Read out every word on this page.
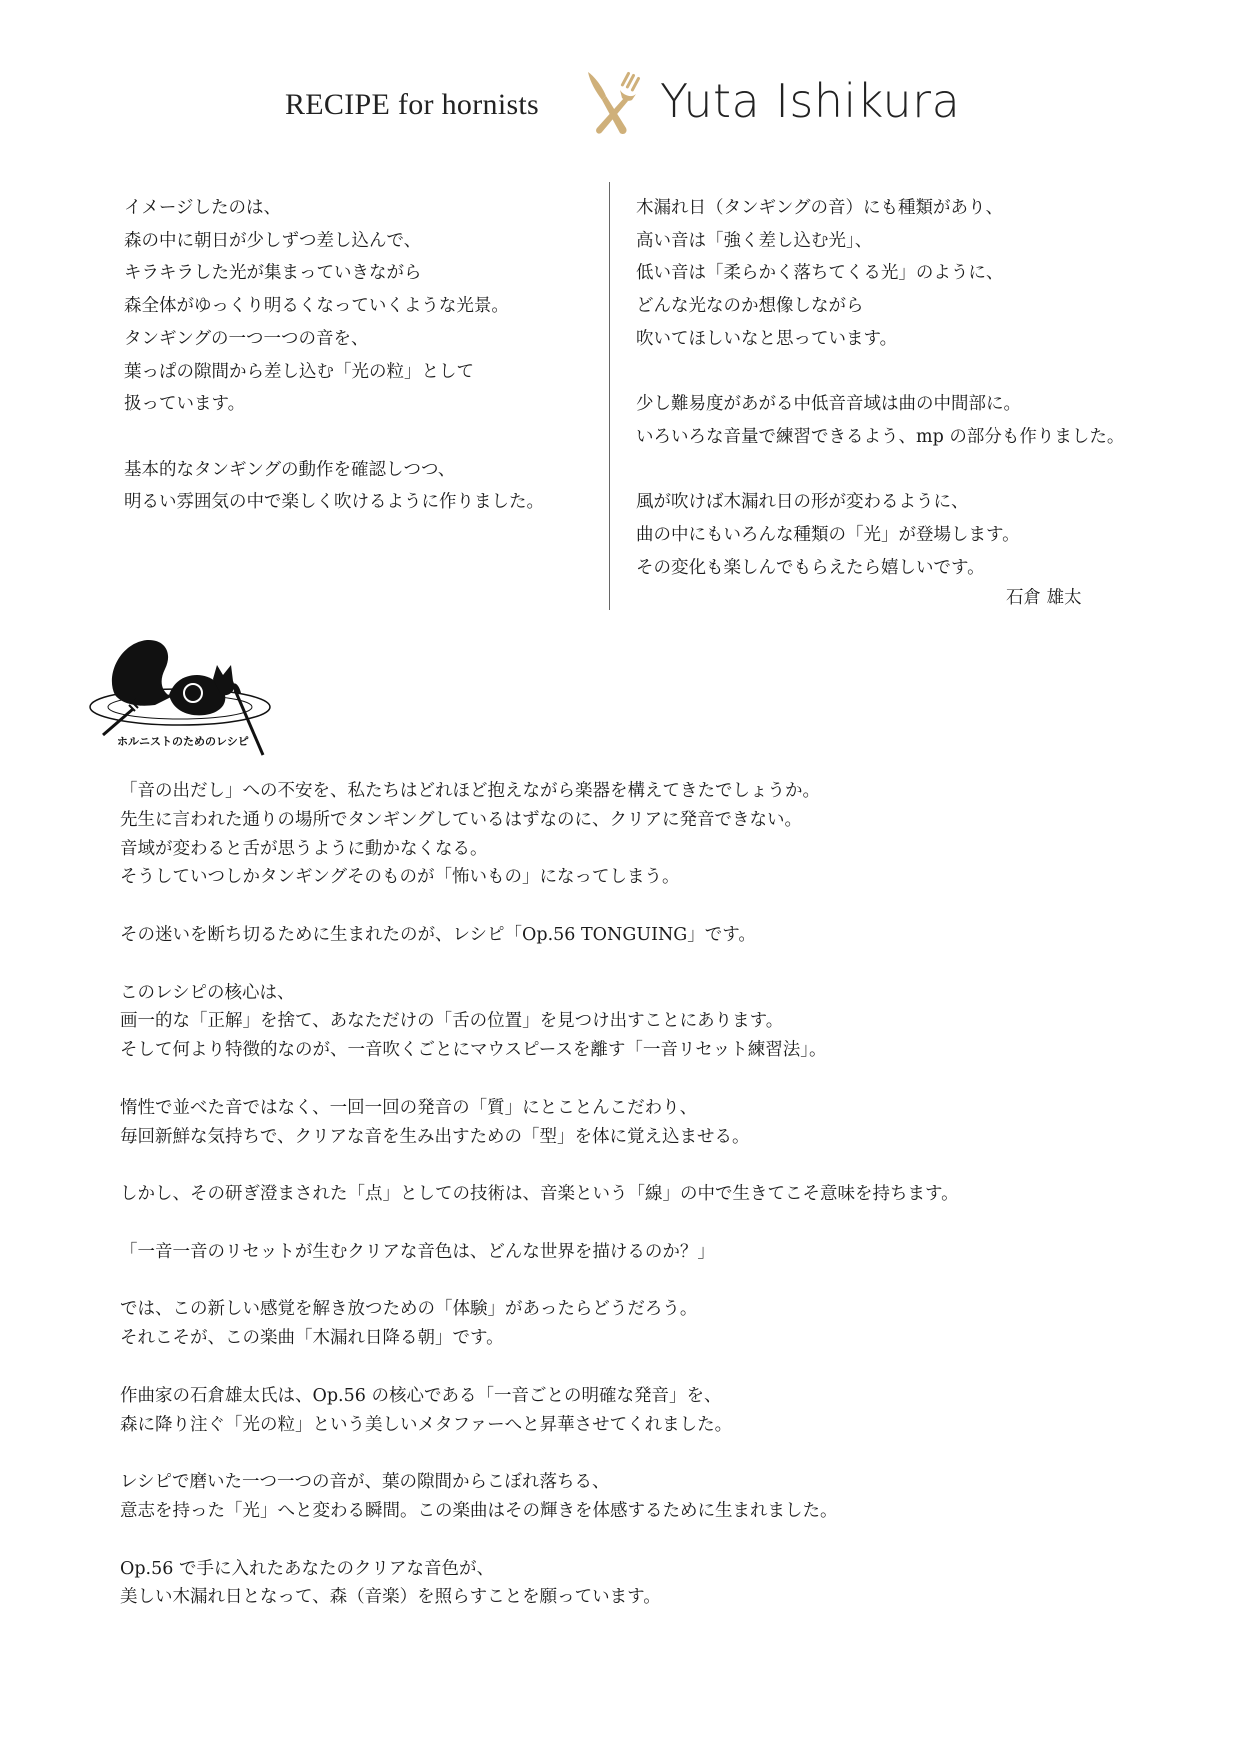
RECIPE for hornists	Yuta Ishikura
イメージしたのは、
森の中に朝日が少しずつ差し込んで、
キラキラした光が集まっていきながら
森全体がゆっくり明るくなっていくような光景。
タンギングの一つ一つの音を、
葉っぱの隙間から差し込む「光の粒」として
扱っています。
基本的なタンギングの動作を確認しつつ、
明るい雰囲気の中で楽しく吹けるように作りました。
木漏れ日（タンギングの音）にも種類があり、
高い音は「強く差し込む光」、
低い音は「柔らかく落ちてくる光」のように、
どんな光なのか想像しながら
吹いてほしいなと思っています。
少し難易度があがる中低音音域は曲の中間部に。
いろいろな音量で練習できるよう、mp の部分も作りました。
風が吹けば木漏れ日の形が変わるように、
曲の中にもいろんな種類の「光」が登場します。
その変化も楽しんでもらえたら嬉しいです。
石倉 雄太
ホルニストのためのレシピ
「音の出だし」への不安を、私たちはどれほど抱えながら楽器を構えてきたでしょうか。
先生に言われた通りの場所でタンギングしているはずなのに、クリアに発音できない。
音域が変わると舌が思うように動かなくなる。
そうしていつしかタンギングそのものが「怖いもの」になってしまう。
その迷いを断ち切るために生まれたのが、レシピ「Op.56 TONGUING」です。
このレシピの核心は、
画一的な「正解」を捨て、あなただけの「舌の位置」を見つけ出すことにあります。
そして何より特徴的なのが、一音吹くごとにマウスピースを離す「一音リセット練習法」。
惰性で並べた音ではなく、一回一回の発音の「質」にとことんこだわり、
毎回新鮮な気持ちで、クリアな音を生み出すための「型」を体に覚え込ませる。
しかし、その研ぎ澄まされた「点」としての技術は、音楽という「線」の中で生きてこそ意味を持ちます。
「一音一音のリセットが生むクリアな音色は、どんな世界を描けるのか？」
では、この新しい感覚を解き放つための「体験」があったらどうだろう。
それこそが、この楽曲「木漏れ日降る朝」です。
作曲家の石倉雄太氏は、Op.56 の核心である「一音ごとの明確な発音」を、
森に降り注ぐ「光の粒」という美しいメタファーへと昇華させてくれました。
レシピで磨いた一つ一つの音が、葉の隙間からこぼれ落ちる、
意志を持った「光」へと変わる瞬間。この楽曲はその輝きを体感するために生まれました。
Op.56 で手に入れたあなたのクリアな音色が、
美しい木漏れ日となって、森（音楽）を照らすことを願っています。
